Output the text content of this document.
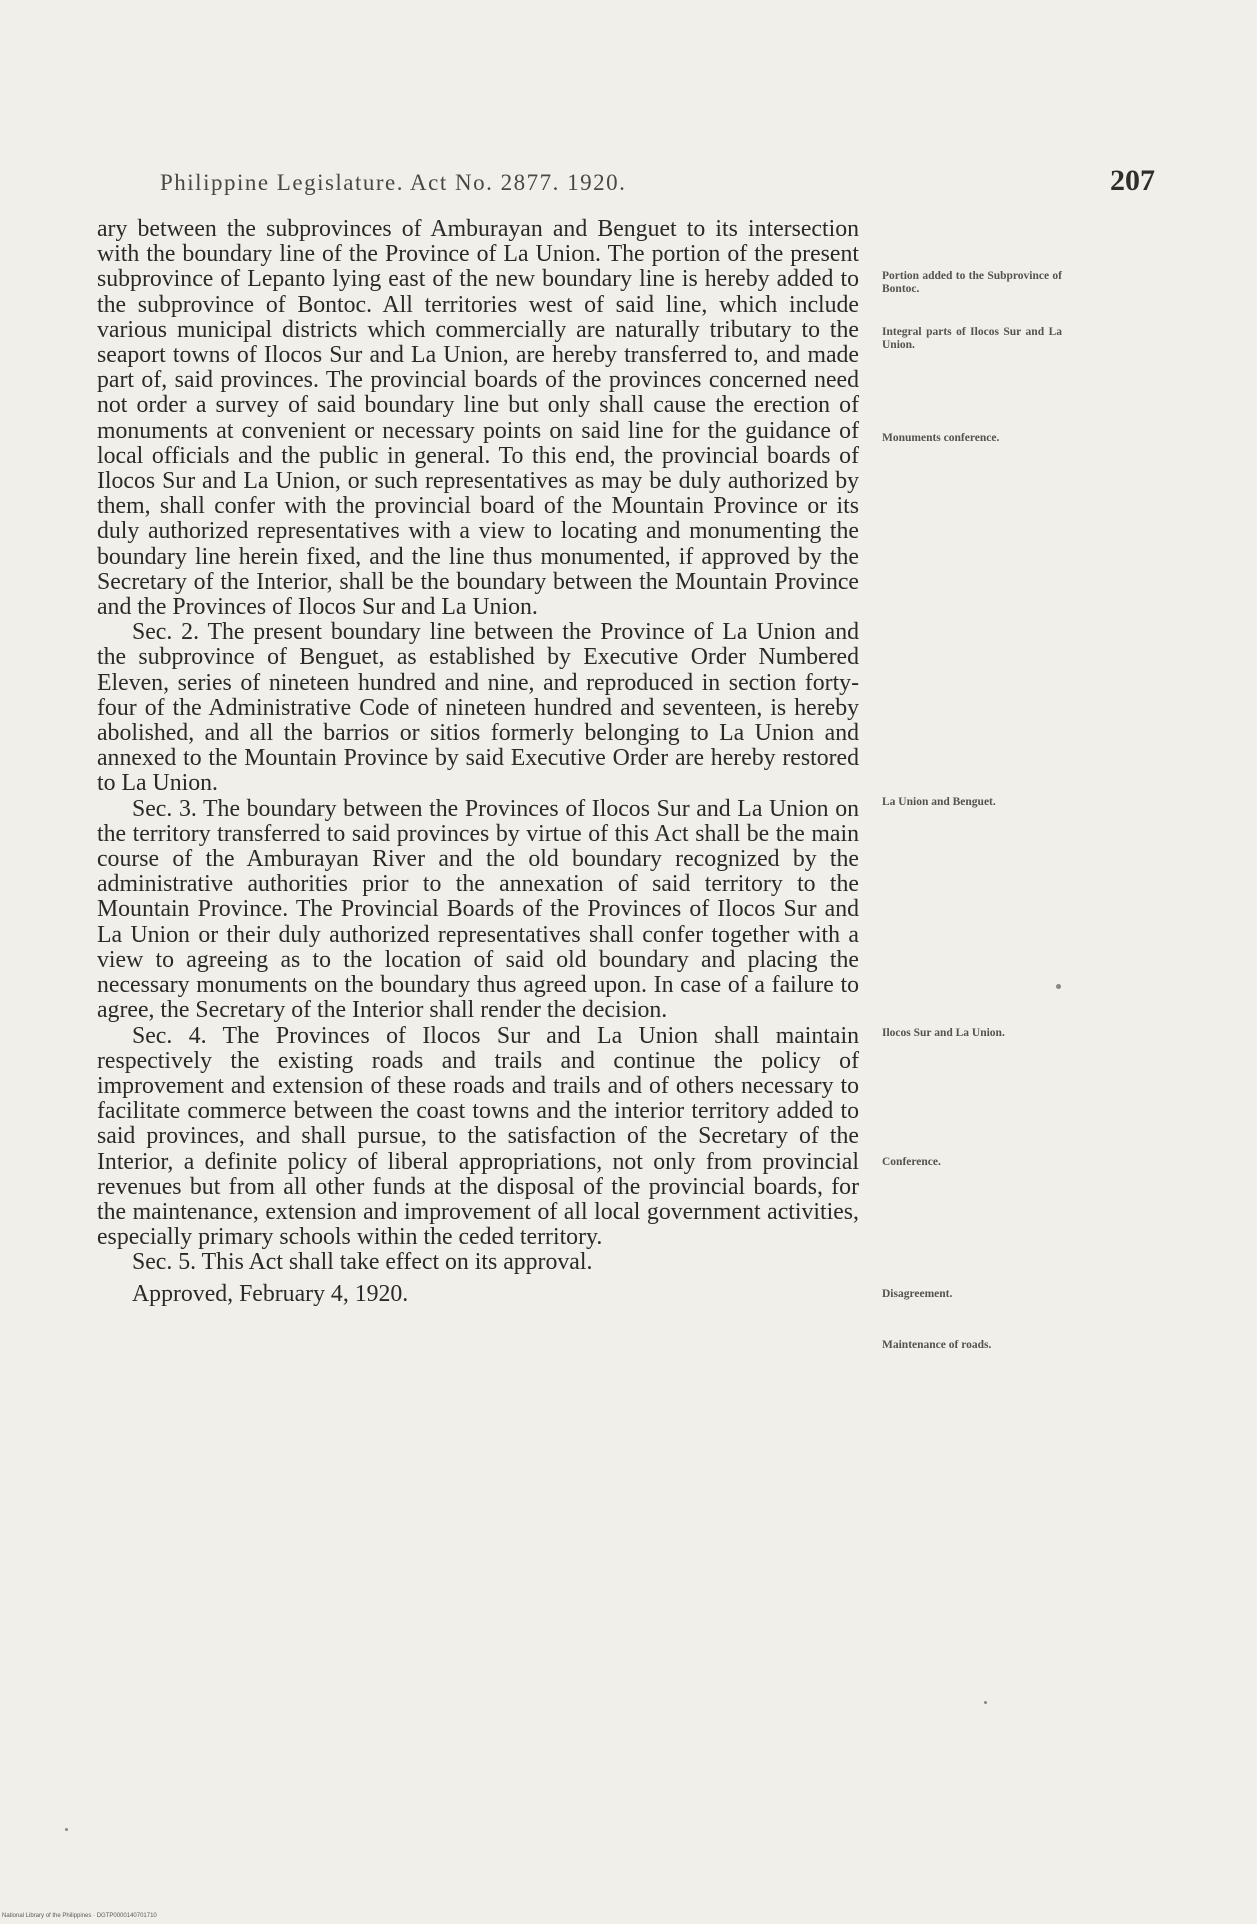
Philippine Legislature. Act No. 2877. 1920.	207

ary between the subprovinces of Amburayan and Benguet to its intersection with the boundary line of the Province of La Union. The portion of the present subprovince of Lepanto lying east of the new boundary line is hereby added to the subprovince of Bontoc. All territories west of said line, which include various municipal districts which commercially are naturally tributary to the seaport towns of Ilocos Sur and La Union, are hereby transferred to, and made part of, said provinces. The provincial boards of the provinces concerned need not order a survey of said boundary line but only shall cause the erection of monuments at convenient or necessary points on said line for the guidance of local officials and the public in general. To this end, the provincial boards of Ilocos Sur and La Union, or such representatives as may be duly authorized by them, shall confer with the provincial board of the Mountain Province or its duly authorized representatives with a view to locating and monumenting the boundary line herein fixed, and the line thus monumented, if approved by the Secretary of the Interior, shall be the boundary between the Mountain Province and the Provinces of Ilocos Sur and La Union.

Sec. 2. The present boundary line between the Province of La Union and the subprovince of Benguet, as established by Executive Order Numbered Eleven, series of nineteen hundred and nine, and reproduced in section forty-four of the Administrative Code of nineteen hundred and seventeen, is hereby abolished, and all the barrios or sitios formerly belonging to La Union and annexed to the Mountain Province by said Executive Order are hereby restored to La Union.

Sec. 3. The boundary between the Provinces of Ilocos Sur and La Union on the territory transferred to said provinces by virtue of this Act shall be the main course of the Amburayan River and the old boundary recognized by the administrative authorities prior to the annexation of said territory to the Mountain Province. The Provincial Boards of the Provinces of Ilocos Sur and La Union or their duly authorized representatives shall confer together with a view to agreeing as to the location of said old boundary and placing the necessary monuments on the boundary thus agreed upon. In case of a failure to agree, the Secretary of the Interior shall render the decision.

Sec. 4. The Provinces of Ilocos Sur and La Union shall maintain respectively the existing roads and trails and continue the policy of improvement and extension of these roads and trails and of others necessary to facilitate commerce between the coast towns and the interior territory added to said provinces, and shall pursue, to the satisfaction of the Secretary of the Interior, a definite policy of liberal appropriations, not only from provincial revenues but from all other funds at the disposal of the provincial boards, for the maintenance, extension and improvement of all local government activities, especially primary schools within the ceded territory.

Sec. 5. This Act shall take effect on its approval.

Approved, February 4, 1920.

Portion added to the Subprovince of Bontoc.
Integral parts of Ilocos Sur and La Union.
Monuments conference.
La Union and Benguet.
Ilocos Sur and La Union.
Conference.
Disagreement.
Maintenance of roads.
National Library of the Philippines · DGTP0000140701710
